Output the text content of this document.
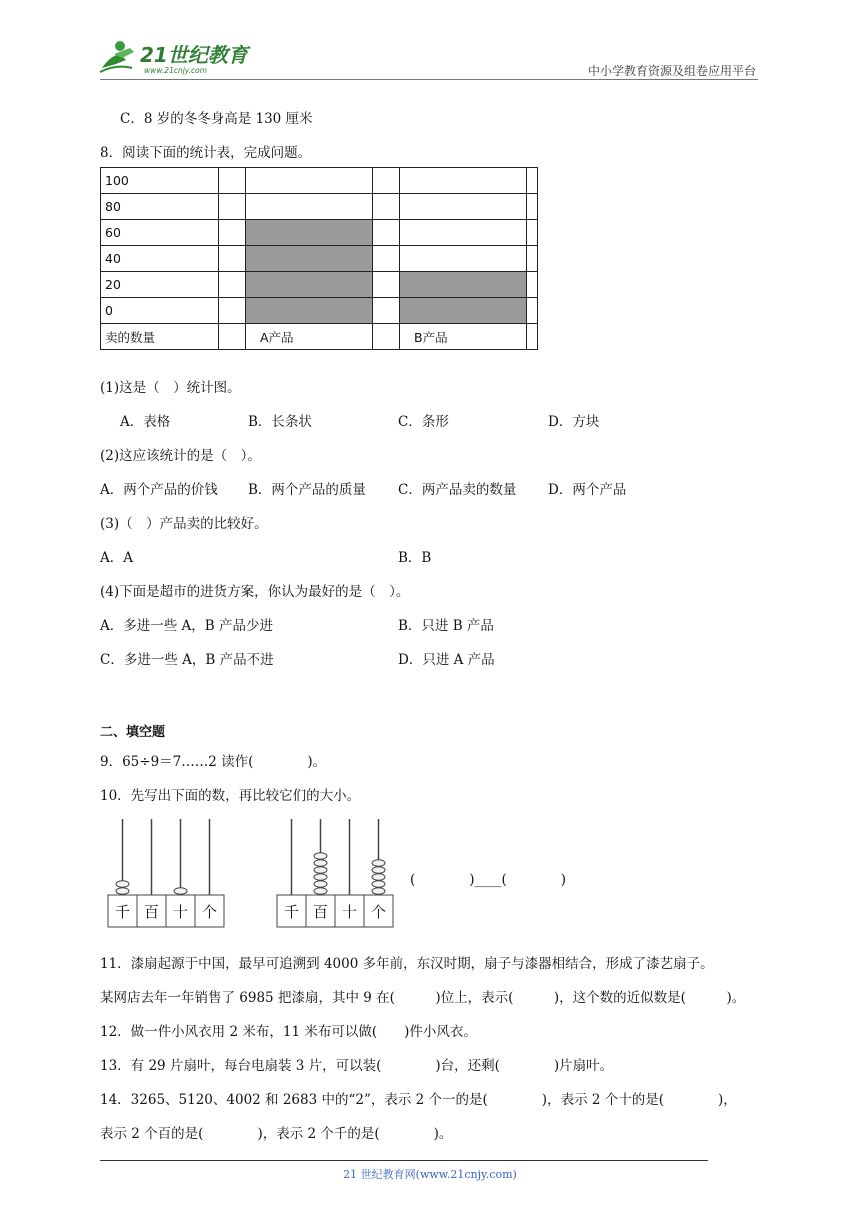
21世纪教育
www.21cnjy.com	中小学教育资源及组卷应用平台
C．8 岁的冬冬身高是 130 厘米
8．阅读下面的统计表，完成问题。
100					
80					
60					
40					
20					
0					
卖的数量		A产品		B产品	
(1)这是（　）统计图。
A．表格	B．长条状	C．条形	D．方块
(2)这应该统计的是（　）。
A．两个产品的价钱 B．两个产品的质量 C．两产品卖的数量 D．两个产品
(3)（　）产品卖的比较好。
A．A	B．B
(4)下面是超市的进货方案，你认为最好的是（　）。
A．多进一些 A，B 产品少进	B．只进 B 产品
C．多进一些 A，B 产品不进	D．只进 A 产品
二、填空题
9．65÷9＝7……2 读作(　　　　)。
10．先写出下面的数，再比较它们的大小。
千 百 十 个	千 百 十 个
(　　　　)____(　　　　)
11．漆扇起源于中国，最早可追溯到 4000 多年前，东汉时期，扇子与漆器相结合，形成了漆艺扇子。
某网店去年一年销售了 6985 把漆扇，其中 9 在(　　　)位上，表示(　　　)，这个数的近似数是(　　　)。
12．做一件小风衣用 2 米布，11 米布可以做(　　)件小风衣。
13．有 29 片扇叶，每台电扇装 3 片，可以装(　　　　)台，还剩(　　　　)片扇叶。
14．3265、5120、4002 和 2683 中的“2”，表示 2 个一的是(　　　　)，表示 2 个十的是(　　　　)，
表示 2 个百的是(　　　　)，表示 2 个千的是(　　　　)。
21 世纪教育网(www.21cnjy.com)
